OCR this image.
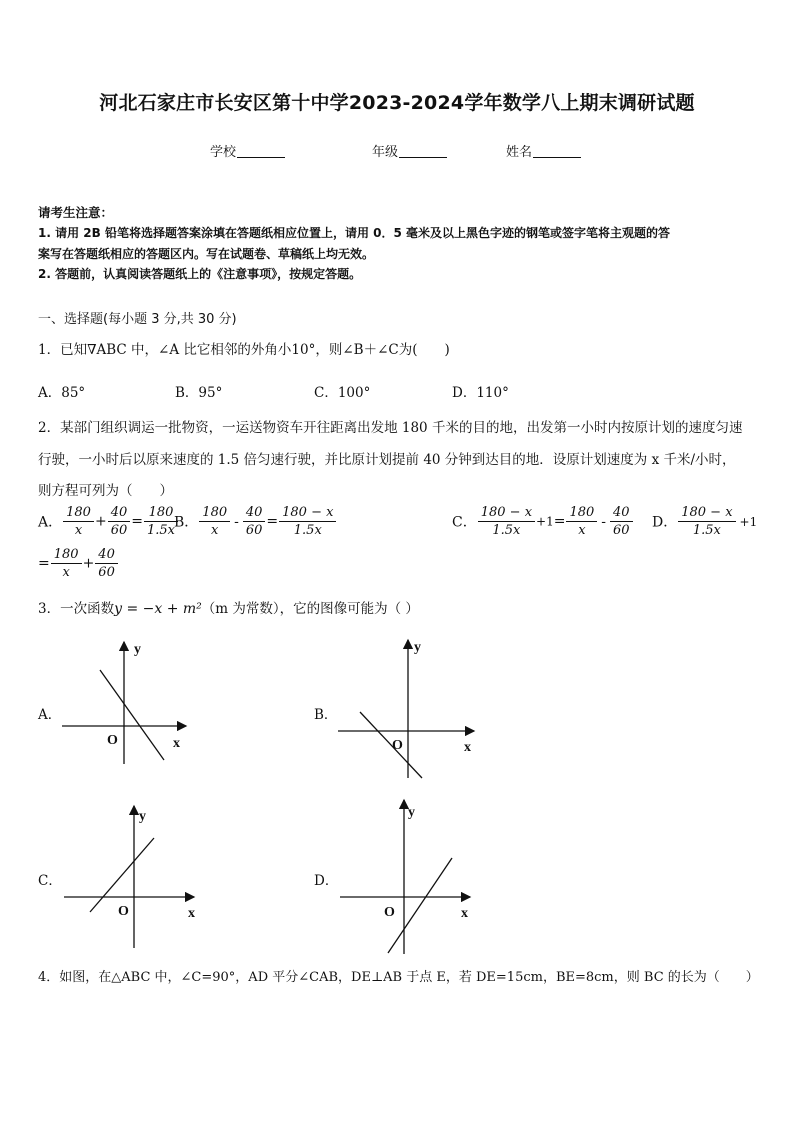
河北石家庄市长安区第十中学2023-2024学年数学八上期末调研试题
学校	年级	姓名
请考生注意：
1. 请用 2B 铅笔将选择题答案涂填在答题纸相应位置上，请用 0．5 毫米及以上黑色字迹的钢笔或签字笔将主观题的答
案写在答题纸相应的答题区内。写在试题卷、草稿纸上均无效。
2. 答题前，认真阅读答题纸上的《注意事项》，按规定答题。
一、选择题(每小题 3 分,共 30 分)
1．已知∇ABC 中，∠A 比它相邻的外角小10°，则∠B＋∠C为(　　)
A．85°	B．95°	C．100°	D．110°
2．某部门组织调运一批物资，一运送物资车开往距离出发地 180 千米的目的地，出发第一小时内按原计划的速度匀速
行驶，一小时后以原来速度的 1.5 倍匀速行驶，并比原计划提前 40 分钟到达目的地．设原计划速度为 x 千米/小时，
则方程可列为（　　）
A． $\frac{180}{x} + \frac{40}{60} = \frac{180}{1.5x}$
B． $\frac{180}{x} - \frac{40}{60} = \frac{180 - x}{1.5x}$	C． $\frac{180 - x}{1.5x} +1= \frac{180}{x} - \frac{40}{60}$ D． $\frac{180 - x}{1.5x} +1$
= $\frac{180}{x} + \frac{40}{60}$
3．一次函数y = −x + m²（m 为常数），它的图像可能为（ ）
A．	B．
C．	D．
y
x
O
y
x
O
y
x
O
y
x
O
4．如图，在△ABC 中，∠C=90°，AD 平分∠CAB，DE⊥AB 于点 E，若 DE=15cm，BE=8cm，则 BC 的长为（　　）
